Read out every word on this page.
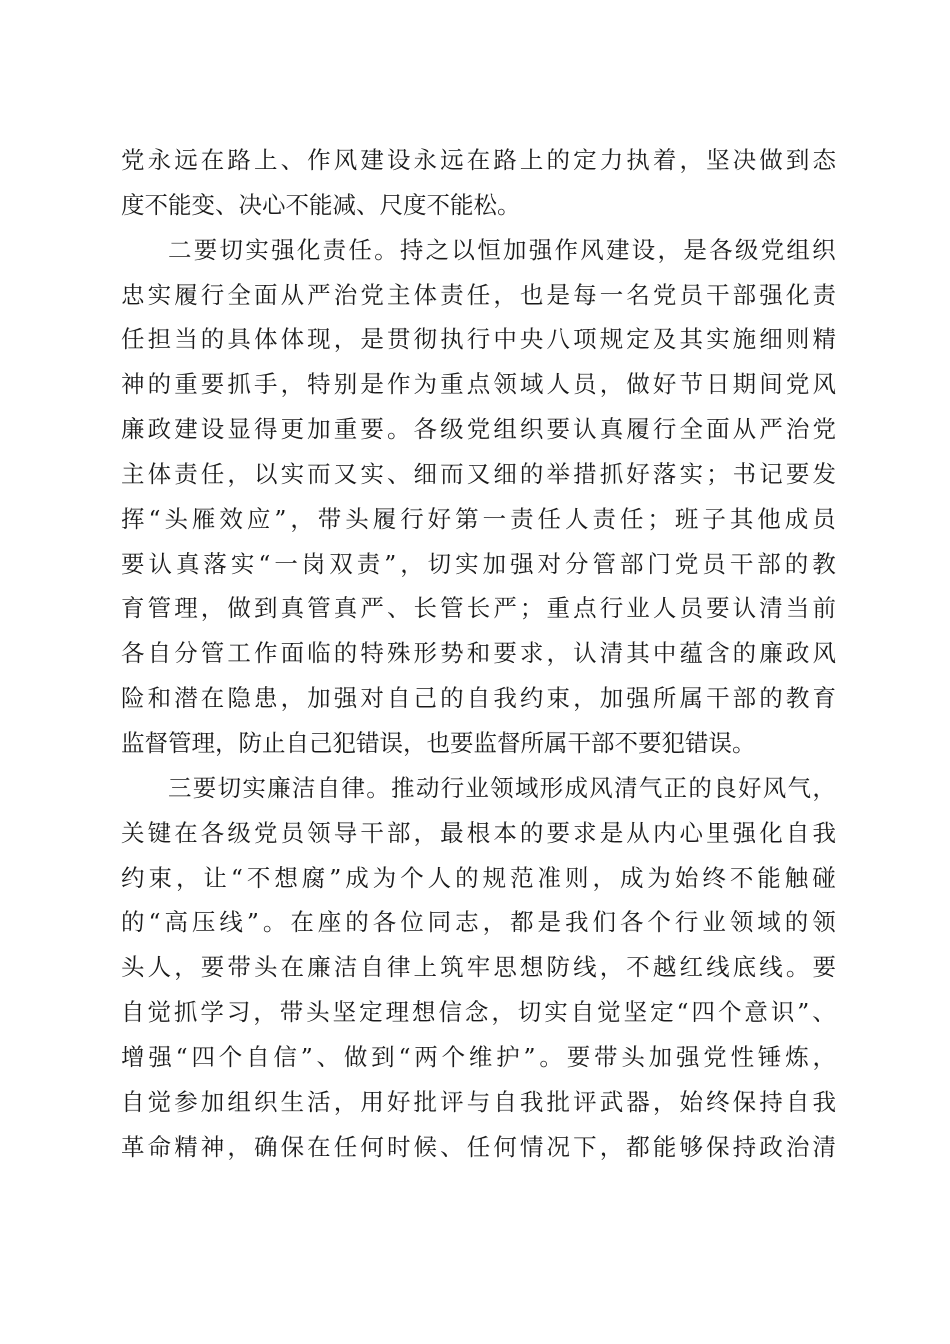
党 永 远 在 路 上 、 作 风 建 设 永 远 在 路 上 的 定 力 执 着 ， 坚 决 做 到 态
度不能变、决心不能减、尺度不能松。
二 要 切 实 强 化 责 任 。 持 之 以 恒 加 强 作 风 建 设 ， 是 各 级 党 组 织
忠 实 履 行 全 面 从 严 治 党 主 体 责 任 ， 也 是 每 一 名 党 员 干 部 强 化 责
任 担 当 的 具 体 体 现 ， 是 贯 彻 执 行 中 央 八 项 规 定 及 其 实 施 细 则 精
神 的 重 要 抓 手 ， 特 别 是 作 为 重 点 领 域 人 员 ， 做 好 节 日 期 间 党 风
廉 政 建 设 显 得 更 加 重 要 。 各 级 党 组 织 要 认 真 履 行 全 面 从 严 治 党
主 体 责 任 ， 以 实 而 又 实 、 细 而 又 细 的 举 措 抓 好 落 实 ； 书 记 要 发
挥 “ 头 雁 效 应 ” ， 带 头 履 行 好 第 一 责 任 人 责 任 ； 班 子 其 他 成 员
要 认 真 落 实 “ 一 岗 双 责 ” ， 切 实 加 强 对 分 管 部 门 党 员 干 部 的 教
育 管 理 ， 做 到 真 管 真 严 、 长 管 长 严 ； 重 点 行 业 人 员 要 认 清 当 前
各 自 分 管 工 作 面 临 的 特 殊 形 势 和 要 求 ， 认 清 其 中 蕴 含 的 廉 政 风
险 和 潜 在 隐 患 ， 加 强 对 自 己 的 自 我 约 束 ， 加 强 所 属 干 部 的 教 育
监督管理，防止自己犯错误，也要监督所属干部不要犯错误。
三 要 切 实 廉 洁 自 律 。 推 动 行 业 领 域 形 成 风 清 气 正 的 良 好 风 气 ，
关 键 在 各 级 党 员 领 导 干 部 ， 最 根 本 的 要 求 是 从 内 心 里 强 化 自 我
约 束 ， 让 “ 不 想 腐 ” 成 为 个 人 的 规 范 准 则 ， 成 为 始 终 不 能 触 碰
的 “ 高 压 线 ” 。 在 座 的 各 位 同 志 ， 都 是 我 们 各 个 行 业 领 域 的 领
头 人 ， 要 带 头 在 廉 洁 自 律 上 筑 牢 思 想 防 线 ， 不 越 红 线 底 线 。 要
自 觉 抓 学 习 ， 带 头 坚 定 理 想 信 念 ， 切 实 自 觉 坚 定 “ 四 个 意 识 ” 、
增 强 “ 四 个 自 信 ” 、 做 到 “ 两 个 维 护 ” 。 要 带 头 加 强 党 性 锤 炼 ，
自 觉 参 加 组 织 生 活 ， 用 好 批 评 与 自 我 批 评 武 器 ， 始 终 保 持 自 我
革 命 精 神 ， 确 保 在 任 何 时 候 、 任 何 情 况 下 ， 都 能 够 保 持 政 治 清
